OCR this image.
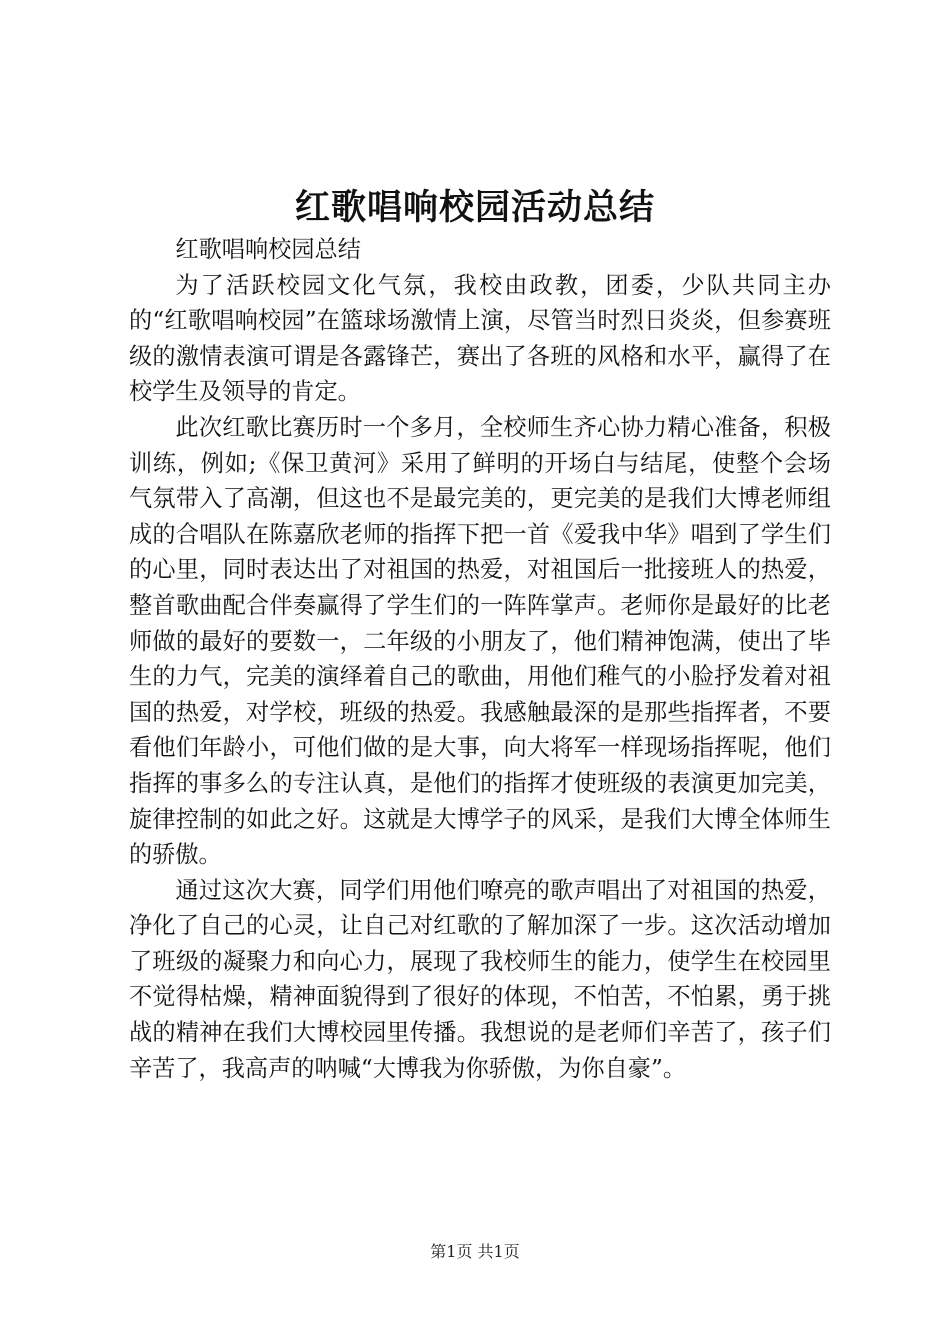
红歌唱响校园活动总结

红歌唱响校园总结

为了活跃校园文化气氛，我校由政教，团委，少队共同主办的“红歌唱响校园”在篮球场激情上演，尽管当时烈日炎炎，但参赛班级的激情表演可谓是各露锋芒，赛出了各班的风格和水平，赢得了在校学生及领导的肯定。

此次红歌比赛历时一个多月，全校师生齐心协力精心准备，积极训练，例如;《保卫黄河》采用了鲜明的开场白与结尾，使整个会场气氛带入了高潮，但这也不是最完美的，更完美的是我们大博老师组成的合唱队在陈嘉欣老师的指挥下把一首《爱我中华》唱到了学生们的心里，同时表达出了对祖国的热爱，对祖国后一批接班人的热爱，整首歌曲配合伴奏赢得了学生们的一阵阵掌声。老师你是最好的比老师做的最好的要数一，二年级的小朋友了，他们精神饱满，使出了毕生的力气，完美的演绎着自己的歌曲，用他们稚气的小脸抒发着对祖国的热爱，对学校，班级的热爱。我感触最深的是那些指挥者，不要看他们年龄小，可他们做的是大事，向大将军一样现场指挥呢，他们指挥的事多么的专注认真，是他们的指挥才使班级的表演更加完美，旋律控制的如此之好。这就是大博学子的风采，是我们大博全体师生的骄傲。

通过这次大赛，同学们用他们嘹亮的歌声唱出了对祖国的热爱，净化了自己的心灵，让自己对红歌的了解加深了一步。这次活动增加了班级的凝聚力和向心力，展现了我校师生的能力，使学生在校园里不觉得枯燥，精神面貌得到了很好的体现，不怕苦，不怕累，勇于挑战的精神在我们大博校园里传播。我想说的是老师们辛苦了，孩子们辛苦了，我高声的呐喊“大博我为你骄傲，为你自豪”。

第1页 共1页
